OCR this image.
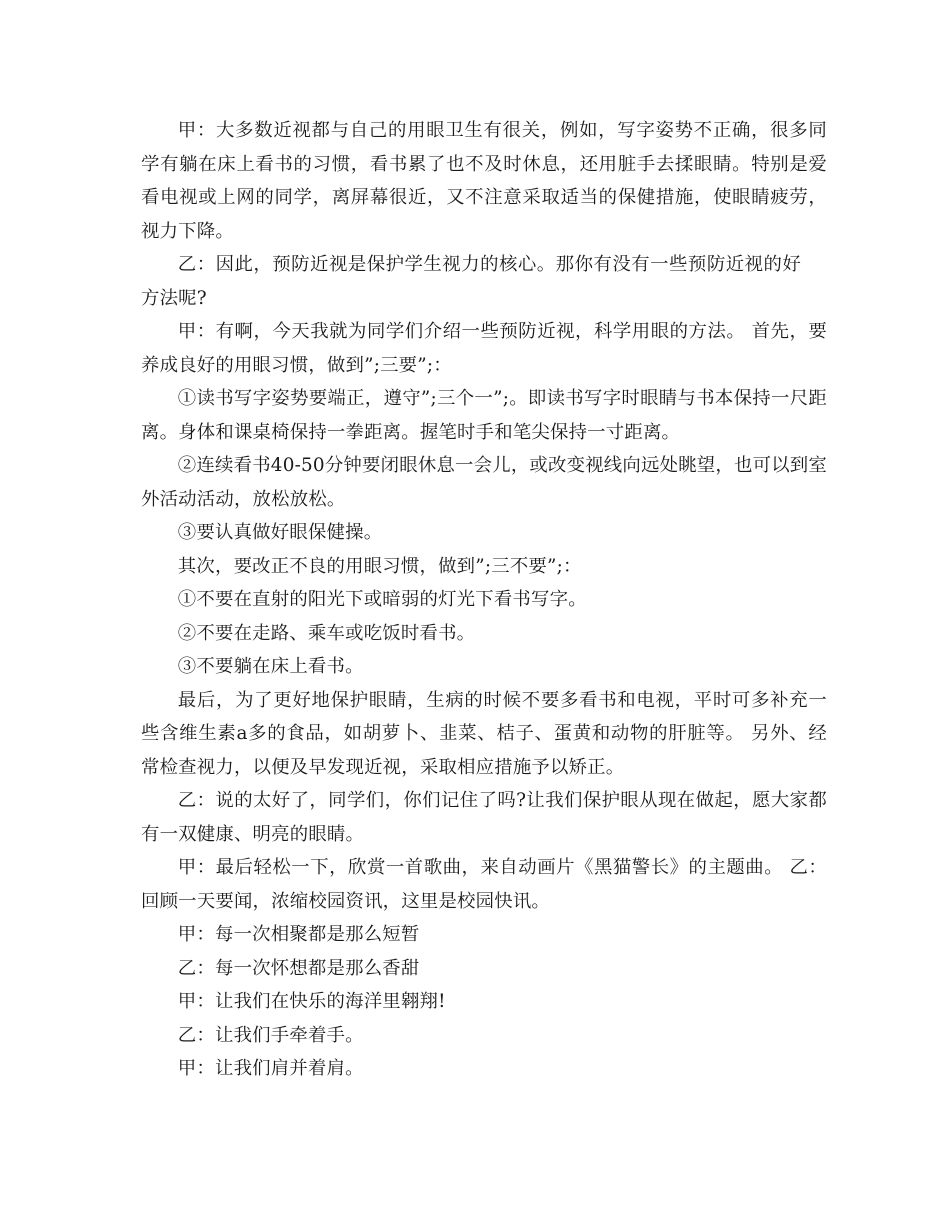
甲：大多数近视都与自己的用眼卫生有很关，例如，写字姿势不正确，很多同学有躺在床上看书的习惯，看书累了也不及时休息，还用脏手去揉眼睛。特别是爱看电视或上网的同学，离屏幕很近，又不注意采取适当的保健措施，使眼睛疲劳，视力下降。

乙：因此，预防近视是保护学生视力的核心。那你有没有一些预防近视的好方法呢?

甲：有啊，今天我就为同学们介绍一些预防近视，科学用眼的方法。 首先，要养成良好的用眼习惯，做到”;三要”;：

①读书写字姿势要端正，遵守”;三个一”;。即读书写字时眼睛与书本保持一尺距离。身体和课桌椅保持一拳距离。握笔时手和笔尖保持一寸距离。

②连续看书40-50分钟要闭眼休息一会儿，或改变视线向远处眺望，也可以到室外活动活动，放松放松。

③要认真做好眼保健操。

其次，要改正不良的用眼习惯，做到”;三不要”;：

①不要在直射的阳光下或暗弱的灯光下看书写字。

②不要在走路、乘车或吃饭时看书。

③不要躺在床上看书。

最后，为了更好地保护眼睛，生病的时候不要多看书和电视，平时可多补充一些含维生素a多的食品，如胡萝卜、韭菜、桔子、蛋黄和动物的肝脏等。 另外、经常检查视力，以便及早发现近视，采取相应措施予以矫正。

乙：说的太好了，同学们，你们记住了吗?让我们保护眼从现在做起，愿大家都有一双健康、明亮的眼睛。

甲：最后轻松一下，欣赏一首歌曲，来自动画片《黑猫警长》的主题曲。 乙：回顾一天要闻，浓缩校园资讯，这里是校园快讯。

甲：每一次相聚都是那么短暂

乙：每一次怀想都是那么香甜

甲：让我们在快乐的海洋里翱翔!

乙：让我们手牵着手。

甲：让我们肩并着肩。
